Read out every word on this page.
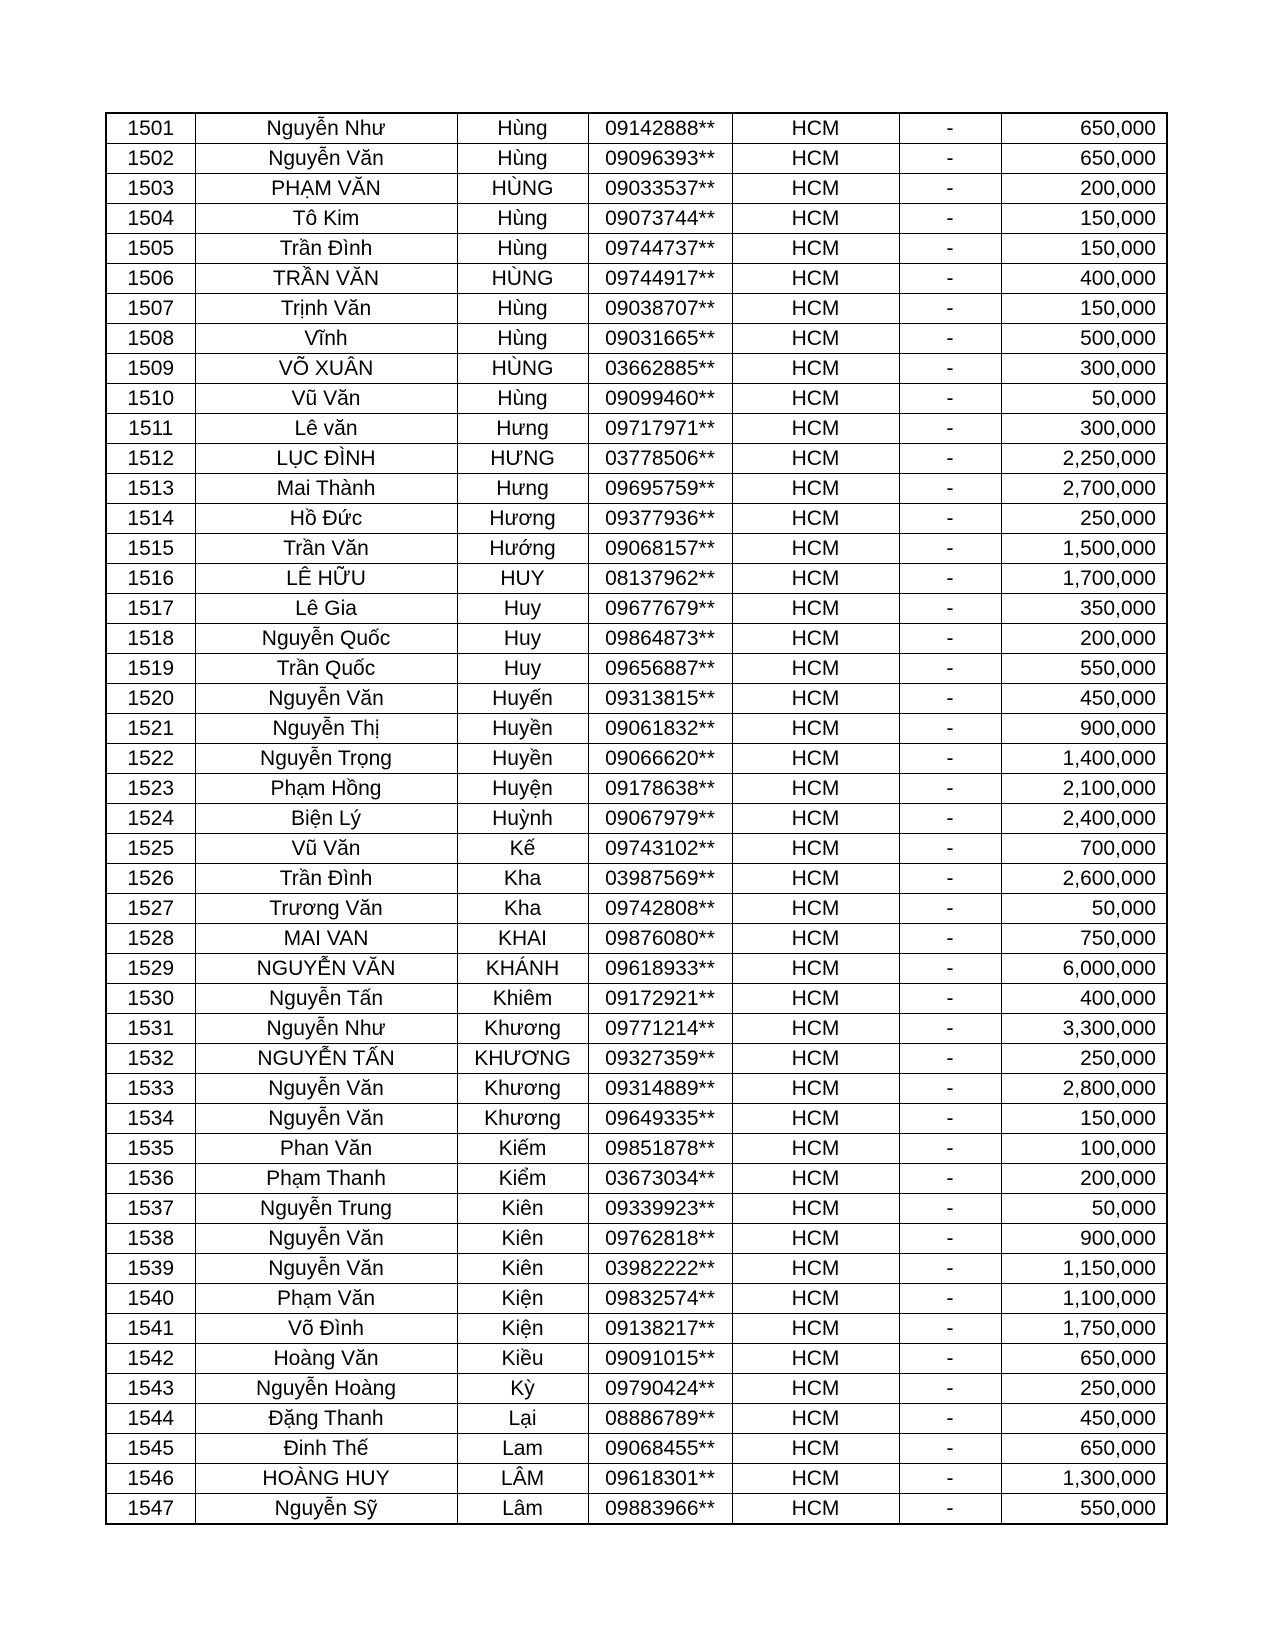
1501	Nguyễn Như	Hùng	09142888**	HCM	-	650,000
1502	Nguyễn Văn	Hùng	09096393**	HCM	-	650,000
1503	PHẠM VĂN	HÙNG	09033537**	HCM	-	200,000
1504	Tô Kim	Hùng	09073744**	HCM	-	150,000
1505	Trần Đình	Hùng	09744737**	HCM	-	150,000
1506	TRẦN VĂN	HÙNG	09744917**	HCM	-	400,000
1507	Trịnh Văn	Hùng	09038707**	HCM	-	150,000
1508	Vĩnh	Hùng	09031665**	HCM	-	500,000
1509	VÕ XUÂN	HÙNG	03662885**	HCM	-	300,000
1510	Vũ Văn	Hùng	09099460**	HCM	-	50,000
1511	Lê văn	Hưng	09717971**	HCM	-	300,000
1512	LỤC ĐÌNH	HƯNG	03778506**	HCM	-	2,250,000
1513	Mai Thành	Hưng	09695759**	HCM	-	2,700,000
1514	Hồ Đức	Hương	09377936**	HCM	-	250,000
1515	Trần Văn	Hướng	09068157**	HCM	-	1,500,000
1516	LÊ HỮU	HUY	08137962**	HCM	-	1,700,000
1517	Lê Gia	Huy	09677679**	HCM	-	350,000
1518	Nguyễn Quốc	Huy	09864873**	HCM	-	200,000
1519	Trần Quốc	Huy	09656887**	HCM	-	550,000
1520	Nguyễn Văn	Huyến	09313815**	HCM	-	450,000
1521	Nguyễn Thị	Huyền	09061832**	HCM	-	900,000
1522	Nguyễn Trọng	Huyền	09066620**	HCM	-	1,400,000
1523	Phạm Hồng	Huyện	09178638**	HCM	-	2,100,000
1524	Biện Lý	Huỳnh	09067979**	HCM	-	2,400,000
1525	Vũ Văn	Kế	09743102**	HCM	-	700,000
1526	Trần Đình	Kha	03987569**	HCM	-	2,600,000
1527	Trương Văn	Kha	09742808**	HCM	-	50,000
1528	MAI VAN	KHAI	09876080**	HCM	-	750,000
1529	NGUYỄN VĂN	KHÁNH	09618933**	HCM	-	6,000,000
1530	Nguyễn Tấn	Khiêm	09172921**	HCM	-	400,000
1531	Nguyễn Như	Khương	09771214**	HCM	-	3,300,000
1532	NGUYỄN TẤN	KHƯƠNG	09327359**	HCM	-	250,000
1533	Nguyễn Văn	Khương	09314889**	HCM	-	2,800,000
1534	Nguyễn Văn	Khương	09649335**	HCM	-	150,000
1535	Phan Văn	Kiếm	09851878**	HCM	-	100,000
1536	Phạm Thanh	Kiểm	03673034**	HCM	-	200,000
1537	Nguyễn Trung	Kiên	09339923**	HCM	-	50,000
1538	Nguyễn Văn	Kiên	09762818**	HCM	-	900,000
1539	Nguyễn Văn	Kiên	03982222**	HCM	-	1,150,000
1540	Phạm Văn	Kiện	09832574**	HCM	-	1,100,000
1541	Võ Đình	Kiện	09138217**	HCM	-	1,750,000
1542	Hoàng Văn	Kiều	09091015**	HCM	-	650,000
1543	Nguyễn Hoàng	Kỳ	09790424**	HCM	-	250,000
1544	Đặng Thanh	Lại	08886789**	HCM	-	450,000
1545	Đinh Thế	Lam	09068455**	HCM	-	650,000
1546	HOÀNG HUY	LÂM	09618301**	HCM	-	1,300,000
1547	Nguyễn Sỹ	Lâm	09883966**	HCM	-	550,000
